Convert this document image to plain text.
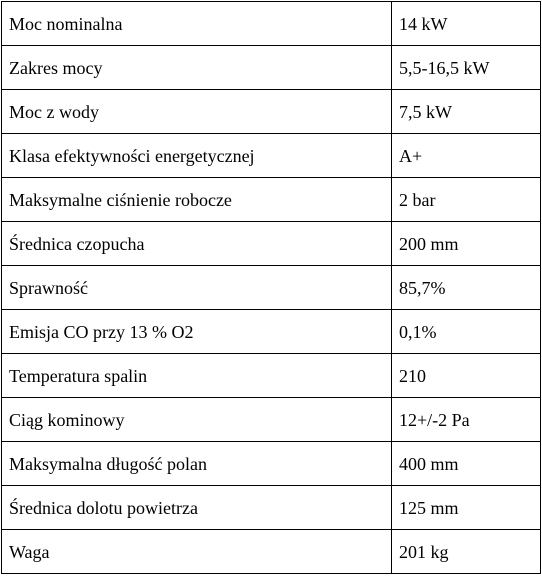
Moc nominalna	14 kW
Zakres mocy	5,5-16,5 kW
Moc z wody	7,5 kW
Klasa efektywności energetycznej	A+
Maksymalne ciśnienie robocze	2 bar
Średnica czopucha	200 mm
Sprawność	85,7%
Emisja CO przy 13 % O2	0,1%
Temperatura spalin	210
Ciąg kominowy	12+/-2 Pa
Maksymalna długość polan	400 mm
Średnica dolotu powietrza	125 mm
Waga	201 kg
